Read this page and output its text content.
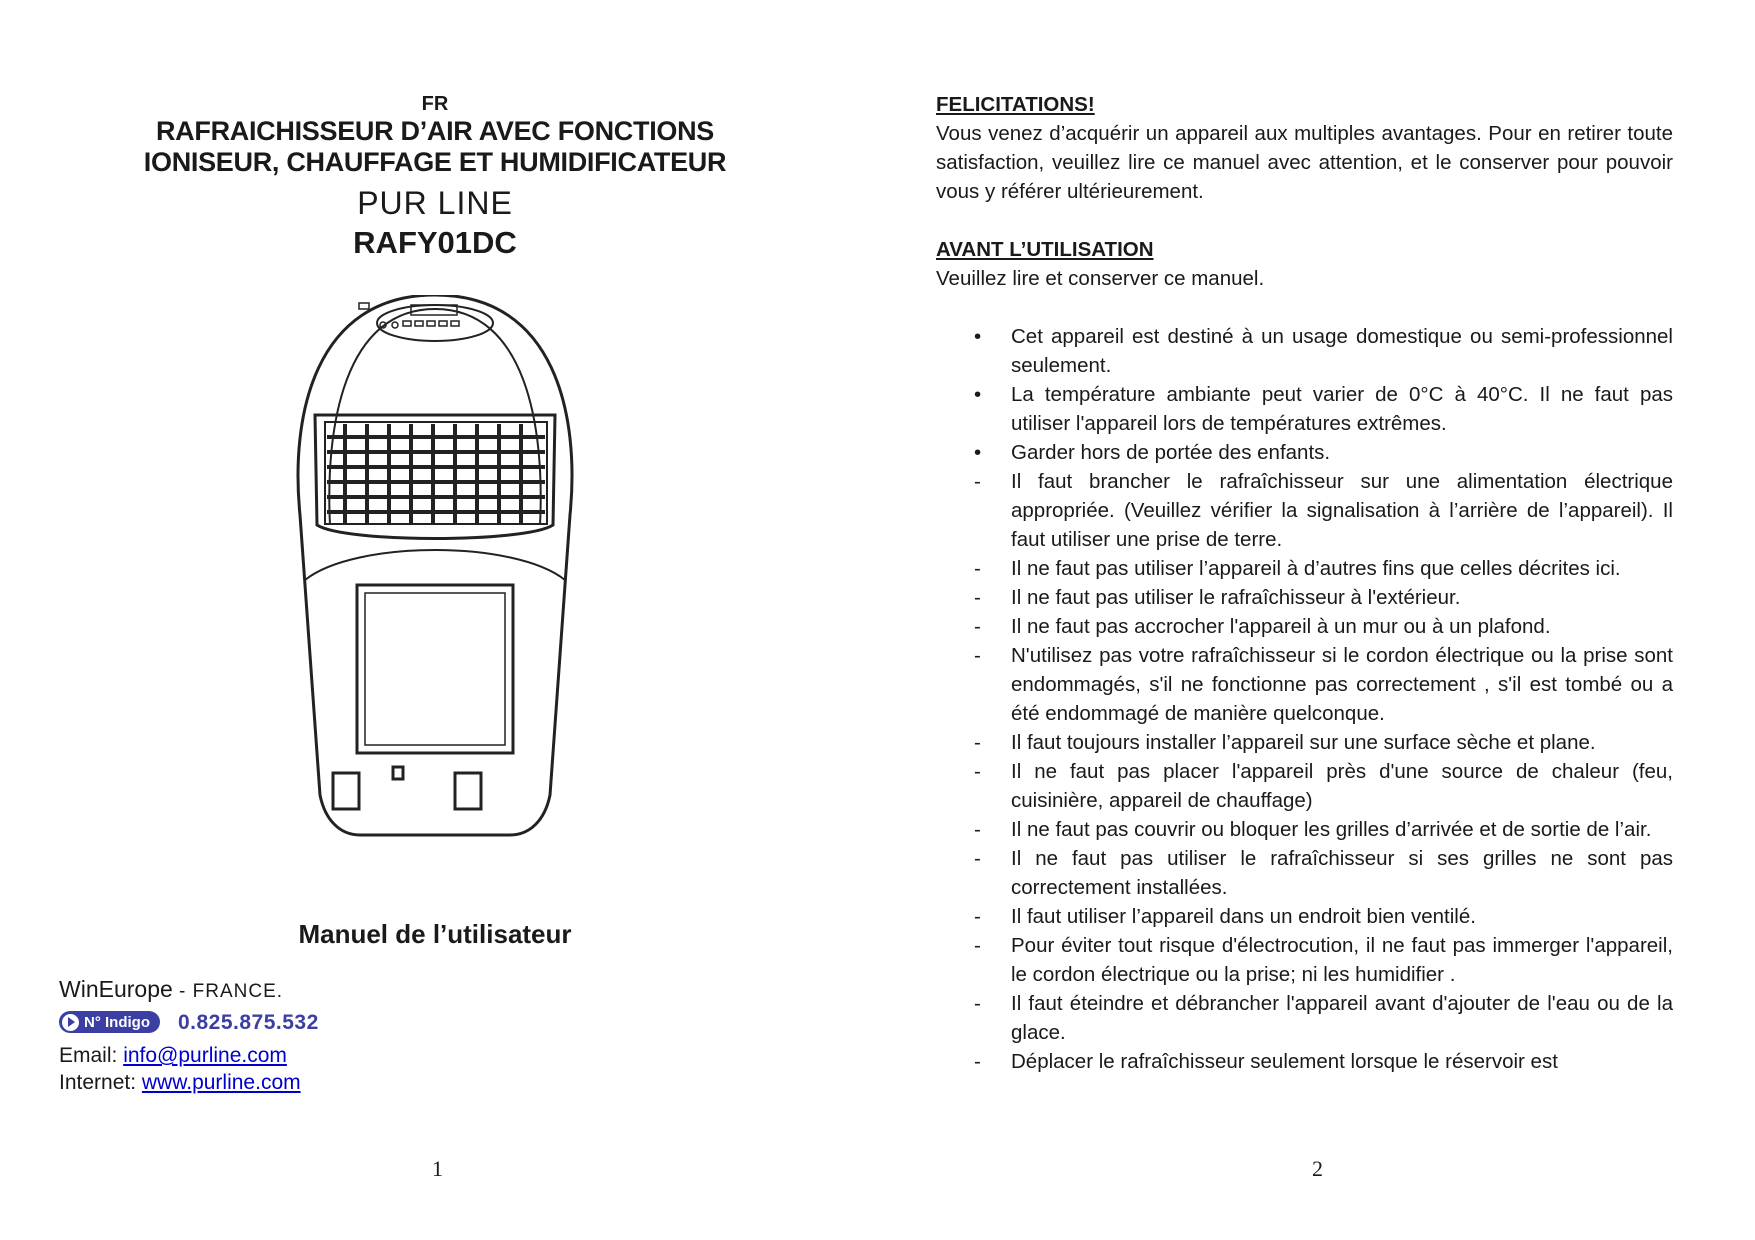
FR
RAFRAICHISSEUR D’AIR AVEC FONCTIONS
IONISEUR, CHAUFFAGE ET HUMIDIFICATEUR
PUR LINE
RAFY01DC
Manuel de l’utilisateur
WinEurope - FRANCE.
N° Indigo 0.825.875.532
Email: info@purline.com
Internet: www.purline.com
1
FELICITATIONS!
Vous venez d’acquérir un appareil aux multiples avantages. Pour en retirer toute satisfaction, veuillez lire ce manuel avec attention, et le conserver pour pouvoir vous y référer ultérieurement.
AVANT L’UTILISATION
Veuillez lire et conserver ce manuel.
• Cet appareil est destiné à un usage domestique ou semi-professionnel seulement.
• La température ambiante peut varier de 0°C à 40°C. Il ne faut pas utiliser l'appareil lors de températures extrêmes.
• Garder hors de portée des enfants.
- Il faut brancher le rafraîchisseur sur une alimentation électrique appropriée. (Veuillez vérifier la signalisation à l’arrière de l’appareil). Il faut utiliser une prise de terre.
- Il ne faut pas utiliser l’appareil à d’autres fins que celles décrites ici.
- Il ne faut pas utiliser le rafraîchisseur à l'extérieur.
- Il ne faut pas accrocher l'appareil à un mur ou à un plafond.
- N'utilisez pas votre rafraîchisseur si le cordon électrique ou la prise sont endommagés, s'il ne fonctionne pas correctement , s'il est tombé ou a été endommagé de manière quelconque.
- Il faut toujours installer l’appareil sur une surface sèche et plane.
- Il ne faut pas placer l'appareil près d'une source de chaleur (feu, cuisinière, appareil de chauffage)
- Il ne faut pas couvrir ou bloquer les grilles d’arrivée et de sortie de l’air.
- Il ne faut pas utiliser le rafraîchisseur si ses grilles ne sont pas correctement installées.
- Il faut utiliser l’appareil dans un endroit bien ventilé.
- Pour éviter tout risque d'électrocution, il ne faut pas immerger l'appareil, le cordon électrique ou la prise; ni les humidifier .
- Il faut éteindre et débrancher l'appareil avant d'ajouter de l'eau ou de la glace.
- Déplacer le rafraîchisseur seulement lorsque le réservoir est
2
